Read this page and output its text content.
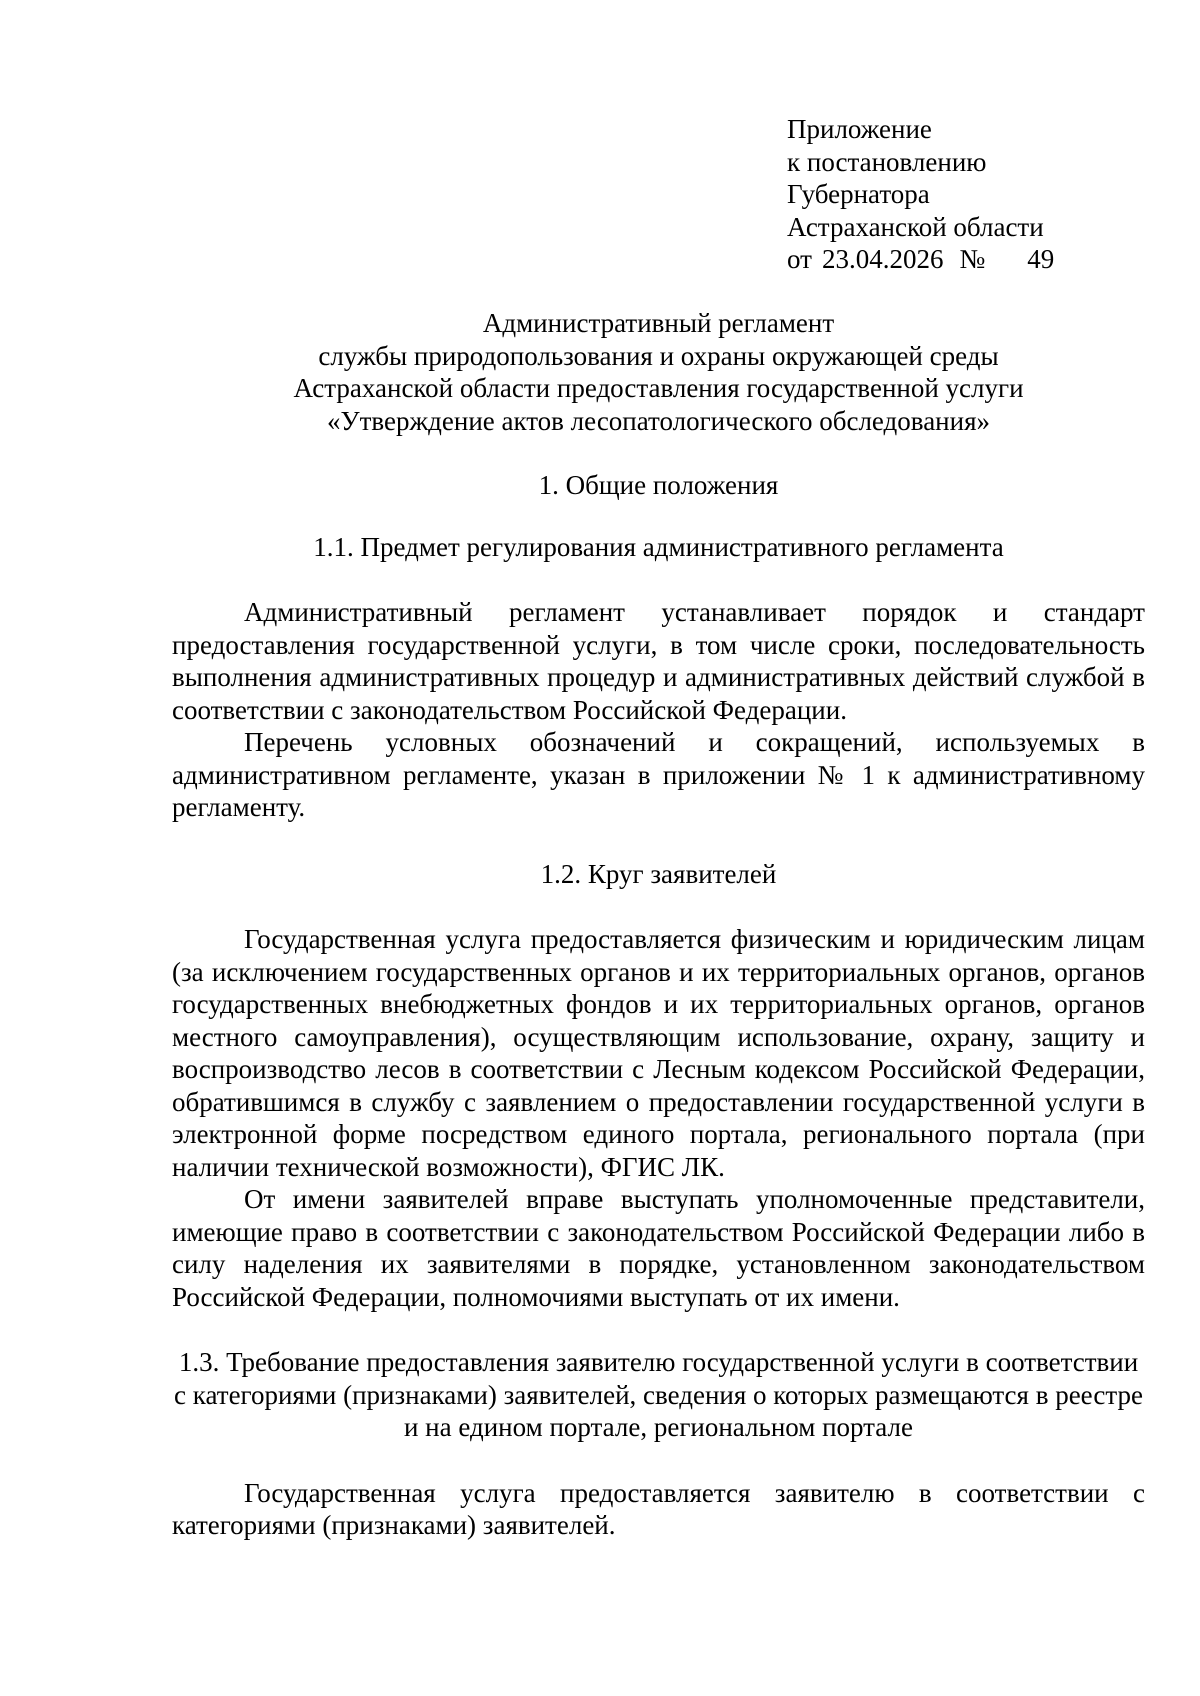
Приложение
к постановлению
Губернатора
Астраханской области
от 23.04.2026 № 49
Административный регламент
службы природопользования и охраны окружающей среды
Астраханской области предоставления государственной услуги
«Утверждение актов лесопатологического обследования»
1. Общие положения
1.1. Предмет регулирования административного регламента

Административный регламент устанавливает порядок и стандарт предоставления государственной услуги, в том числе сроки, последовательность выполнения административных процедур и административных действий службой в соответствии с законодательством Российской Федерации.

Перечень условных обозначений и сокращений, используемых в административном регламенте, указан в приложении № 1 к административному регламенту.

1.2. Круг заявителей

Государственная услуга предоставляется физическим и юридическим лицам (за исключением государственных органов и их территориальных органов, органов государственных внебюджетных фондов и их территориальных органов, органов местного самоуправления), осуществляющим использование, охрану, защиту и воспроизводство лесов в соответствии с Лесным кодексом Российской Федерации, обратившимся в службу с заявлением о предоставлении государственной услуги в электронной форме посредством единого портала, регионального портала (при наличии технической возможности), ФГИС ЛК.

От имени заявителей вправе выступать уполномоченные представители, имеющие право в соответствии с законодательством Российской Федерации либо в силу наделения их заявителями в порядке, установленном законодательством Российской Федерации, полномочиями выступать от их имени.

1.3. Требование предоставления заявителю государственной услуги в соответствии с категориями (признаками) заявителей, сведения о которых размещаются в реестре и на едином портале, региональном портале

Государственная услуга предоставляется заявителю в соответствии с категориями (признаками) заявителей.
